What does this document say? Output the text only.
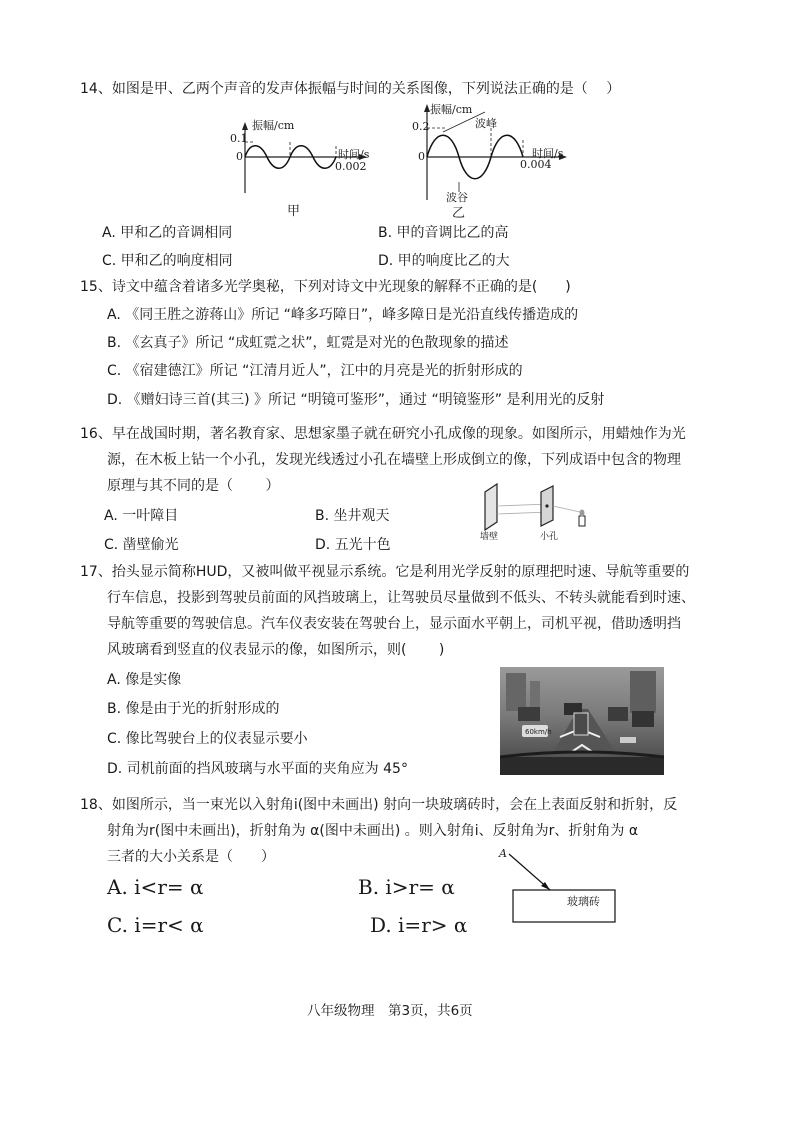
14、如图是甲、乙两个声音的发声体振幅与时间的关系图像，下列说法正确的是（　 ）
0.1
0
振幅/cm
时间/s
0.002
甲
0.2
0
振幅/cm
波峰
时间/s
0.004
波谷
乙
A. 甲和乙的音调相同	B. 甲的音调比乙的高
C. 甲和乙的响度相同	D. 甲的响度比乙的大
15、诗文中蕴含着诸多光学奥秘，下列对诗文中光现象的解释不正确的是(　　)
A. 《同王胜之游蒋山》所记 “峰多巧障日”，峰多障日是光沿直线传播造成的
B. 《玄真子》所记 “成虹霓之状”，虹霓是对光的色散现象的描述
C. 《宿建德江》所记 “江清月近人”，江中的月亮是光的折射形成的
D. 《赠妇诗三首(其三) 》所记 “明镜可鉴形”，通过 “明镜鉴形” 是利用光的反射
16、早在战国时期，著名教育家、思想家墨子就在研究小孔成像的现象。如图所示，用蜡烛作为光
源，在木板上钻一个小孔，发现光线透过小孔在墙壁上形成倒立的像，下列成语中包含的物理
原理与其不同的是（　　 ）
A. 一叶障目	B. 坐井观天
C. 凿壁偷光	D. 五光十色	墙壁	小孔
17、抬头显示简称HUD，又被叫做平视显示系统。它是利用光学反射的原理把时速、导航等重要的
行车信息，投影到驾驶员前面的风挡玻璃上，让驾驶员尽量做到不低头、不转头就能看到时速、
导航等重要的驾驶信息。汽车仪表安装在驾驶台上，显示面水平朝上，司机平视，借助透明挡
风玻璃看到竖直的仪表显示的像，如图所示，则(　　 )
A. 像是实像
B. 像是由于光的折射形成的
C. 像比驾驶台上的仪表显示要小
D. 司机前面的挡风玻璃与水平面的夹角应为 45°
60km/h
18、如图所示，当一束光以入射角i(图中未画出) 射向一块玻璃砖时，会在上表面反射和折射，反
射角为r(图中未画出)，折射角为 α(图中未画出) 。则入射角i、反射角为r、折射角为 α
三者的大小关系是（　　）
A. i<r= α	B. i>r= α
C. i=r< α	D. i=r> α
A
玻璃砖
八年级物理　第3页，共6页
